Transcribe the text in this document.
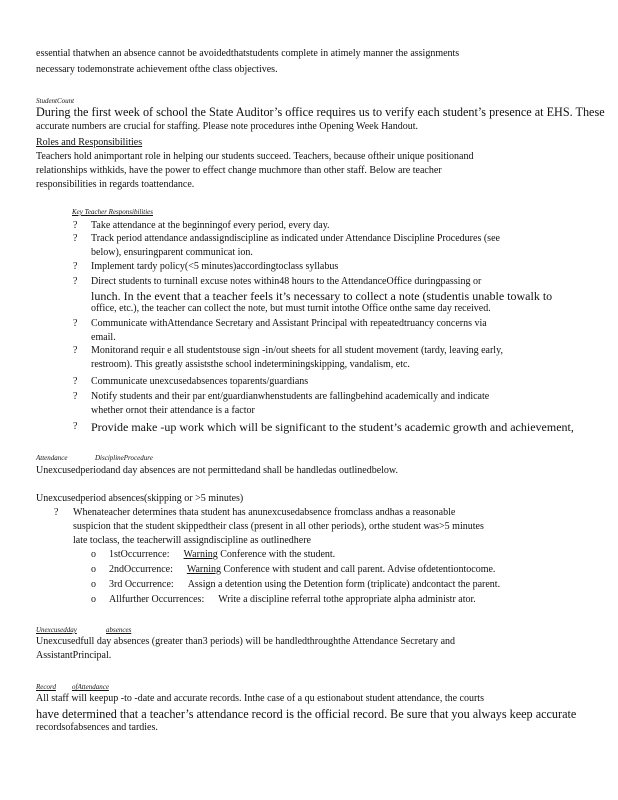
essential thatwhen an absence cannot be avoidedthatstudents complete in atimely manner the assignments
necessary todemonstrate achievement ofthe class objectives.
StudentCount
During the first week of school the State Auditor’s office requires us to verify each student’s presence at EHS. These
accurate numbers are crucial for staffing. Please note procedures inthe Opening Week Handout.
Roles and Responsibilities
Teachers hold animportant role in helping our students succeed. Teachers, because oftheir unique positionand
relationships withkids, have the power to effect change muchmore than other staff. Below are teacher
responsibilities in regards toattendance.
Key Teacher Responsibilities
? Take attendance at the beginningof every period, every day.
? Track period attendance andassigndiscipline as indicated under Attendance Discipline Procedures (see
below), ensuringparent communicat ion.
? Implement tardy policy(<5 minutes)accordingtoclass syllabus
? Direct students to turninall excuse notes within48 hours to the AttendanceOffice duringpassing or
lunch. In the event that a teacher feels it’s necessary to collect a note (studentis unable towalk to
office, etc.), the teacher can collect the note, but must turnit intothe Office onthe same day received.
? Communicate withAttendance Secretary and Assistant Principal with repeatedtruancy concerns via
email.
? Monitorand requir e all studentstouse sign -in/out sheets for all student movement (tardy, leaving early,
restroom). This greatly assiststhe school indeterminingskipping, vandalism, etc.
? Communicate unexcusedabsences toparents/guardians
? Notify students and their par ent/guardianwhenstudents are fallingbehind academically and indicate
whether ornot their attendance is a factor
? Provide make -up work which will be significant to the student’s academic growth and achievement,
Attendance	DisciplineProcedure
Unexcusedperiodand day absences are not permittedand shall be handledas outlinedbelow.
Unexcusedperiod absences(skipping or >5 minutes)
? Whenateacher determines thata student has anunexcusedabsence fromclass andhas a reasonable
suspicion that the student skippedtheir class (present in all other periods), orthe student was>5 minutes
late toclass, the teacherwill assigndiscipline as outlinedhere
o 1stOccurrence: Warning Conference with the student.
o 2ndOccurrence: Warning Conference with student and call parent. Advise ofdetentiontocome.
o 3rd Occurrence: Assign a detention using the Detention form (triplicate) andcontact the parent.
o Allfurther Occurrences: Write a discipline referral tothe appropriate alpha administr ator.
Unexcusedday	absences
Unexcusedfull day absences (greater than3 periods) will be handledthroughthe Attendance Secretary and
AssistantPrincipal.
Record ofAttendance
All staff will keepup -to -date and accurate records. Inthe case of a qu estionabout student attendance, the courts
have determined that a teacher’s attendance record is the official record. Be sure that you always keep accurate
recordsofabsences and tardies.
